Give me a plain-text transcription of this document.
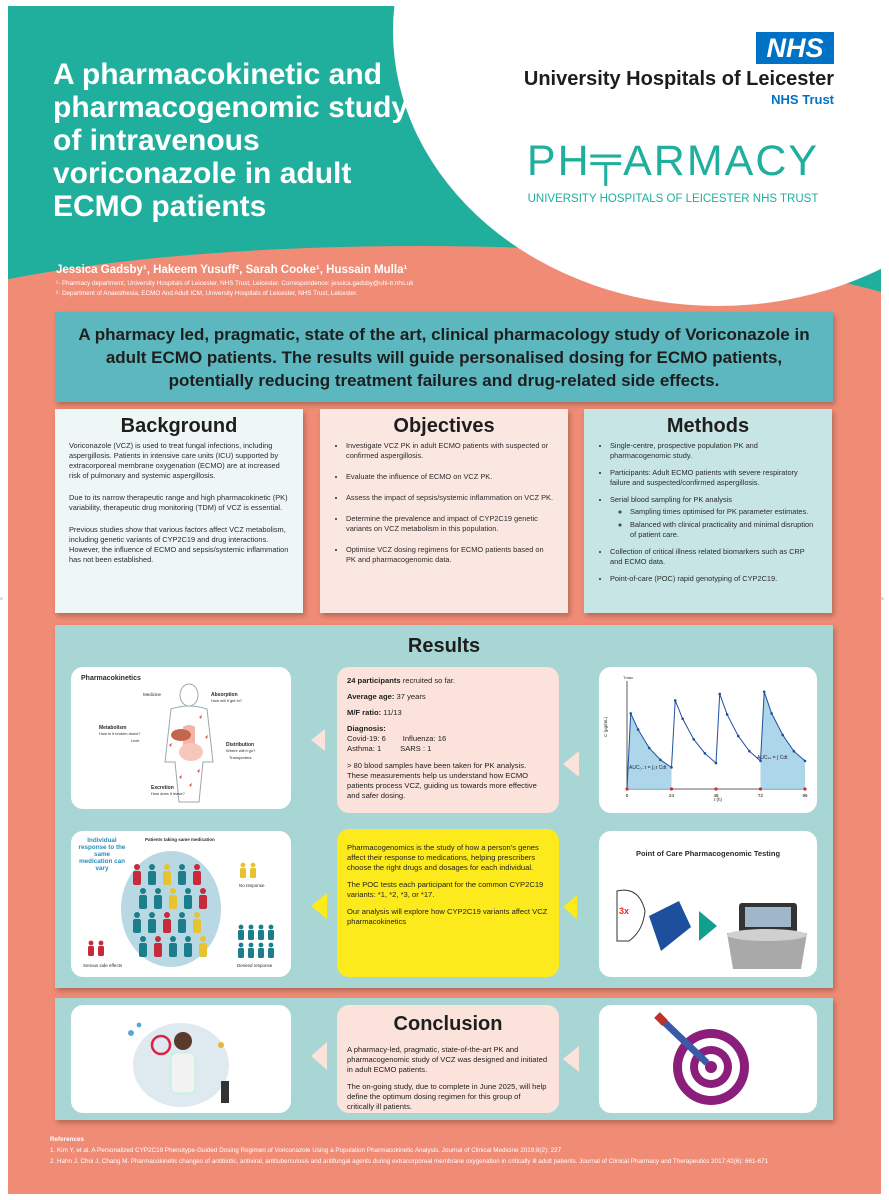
A pharmacokinetic and pharmacogenomic study of intravenous voriconazole in adult ECMO patients
Jessica Gadsby¹, Hakeem Yusuff², Sarah Cooke¹, Hussain Mulla¹
¹· Pharmacy department, University Hospitals of Leicester, NHS Trust, Leicester. Correspondence: jessica.gadsby@uhl-tr.nhs.uk
²· Department of Anaesthesia, ECMO And Adult ICM, University Hospitals of Leicester, NHS Trust, Leicester.
NHS
University Hospitals of Leicester
NHS Trust
PH╤ARMACY
UNIVERSITY HOSPITALS OF LEICESTER NHS TRUST
A pharmacy led, pragmatic, state of the art, clinical pharmacology study of Voriconazole in adult ECMO patients. The results will guide personalised dosing for ECMO patients, potentially reducing treatment failures and drug-related side effects.
Background

Voriconazole (VCZ) is used to treat fungal infections, including aspergillosis. Patients in intensive care units (ICU) supported by extracorporeal membrane oxygenation (ECMO) are at increased risk of pulmonary and systemic aspergillosis.

Due to its narrow therapeutic range and high pharmacokinetic (PK) variability, therapeutic drug monitoring (TDM) of VCZ is essential.

Previous studies show that various factors affect VCZ metabolism, including genetic variants of CYP2C19 and drug interactions. However, the influence of ECMO and sepsis/systemic inflammation has not been established.

Objectives
• Investigate VCZ PK in adult ECMO patients with suspected or confirmed aspergillosis.
• Evaluate the influence of ECMO on VCZ PK.
• Assess the impact of sepsis/systemic inflammation on VCZ PK.
• Determine the prevalence and impact of CYP2C19 genetic variants on VCZ metabolism in this population.
• Optimise VCZ dosing regimens for ECMO patients based on PK and pharmacogenomic data.
Methods
• Single-centre, prospective population PK and pharmacogenomic study.
• Participants: Adult ECMO patients with severe respiratory failure and suspected/confirmed aspergillosis.
• Serial blood sampling for PK analysis
◦ Sampling times optimised for PK parameter estimates.
◦ Balanced with clinical practicality and minimal disruption of patient care.
• Collection of critical illness related biomarkers such as CRP and ECMO data.
• Point-of-care (POC) rapid genotyping of CYP2C19.
Results
Pharmacokinetics
Medicine	Absorption
How will it get in?
Metabolism
How is it broken down?
Liver
Distribution
Where will it go?
Transporters
Excretion
How does it leave?

24 participants recruited so far.

Average age: 37 years

M/F ratio: 11/13

Diagnosis:

Covid-19: 6        Influenza: 16

Asthma: 1         SARS : 1

> 80 blood samples have been taken for PK analysis. These measurements help us understand how ECMO patients process VCZ, guiding us towards more effective and safer dosing.	0	24	48	72	96
C (μg/mL)
t (h)
AUC₀₋τ = ∫₀τ Cdt
AUCₛₛ = ∫ Cdt
Tmax
Individual response to the same medication can vary
Patients taking same medication
No response
Serious side effects	Desired response

Pharmacogenomics is the study of how a person's genes affect their response to medications, helping prescribers choose the right drugs and dosages for each individual.

The POC tests each participant for the common CYP2C19 variants: *1, *2, *3, or *17.

Our analysis will explore how CYP2C19 variants affect VCZ pharmacokinetics

Point of Care Pharmacogenomic Testing
3x
Conclusion

A pharmacy-led, pragmatic, state-of-the-art PK and pharmacogenomic study of VCZ was designed and initiated in adult ECMO patients.

The on-going study, due to complete in June 2025, will help define the optimum dosing regimen for this group of critically ill patients.

References
1. Kim Y, et al. A Personalized CYP2C19 Phenotype-Guided Dosing Regimen of Voriconazole Using a Population Pharmacokinetic Analysis. Journal of Clinical Medicine 2019;8(2): 227
2. Hahn J, Choi J, Chang M. Pharmacokinetic changes of antibiotic, antiviral, antituberculosis and antifungal agents during extracorporeal membrane oxygenation in critically ill adult patients. Journal of Clinical Pharmacy and Therapeutics 2017;42(6): 661-671
◦	◦
